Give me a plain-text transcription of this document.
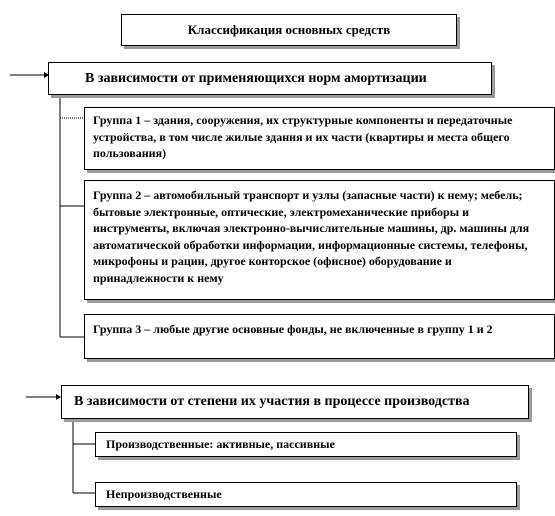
Классификация основных средств
В зависимости от применяющихся норм амортизации
Группа 1 – здания, сооружения, их структурные компоненты и передаточные устройства, в том числе жилые здания и их части (квартиры и места общего пользования)
Группа 2 – автомобильный транспорт и узлы (запасные части) к нему; мебель; бытовые электронные, оптические, электромеханические приборы и инструменты, включая электронно-вычислительные машины, др. машины для автоматической обработки информации, информационные системы, телефоны, микрофоны и рации, другое конторское (офисное) оборудование и принадлежности к нему
Группа 3 – любые другие основные фонды, не включенные в группу 1 и 2
В зависимости от степени их участия в процессе производства
Производственные: активные, пассивные
Непроизводственные
